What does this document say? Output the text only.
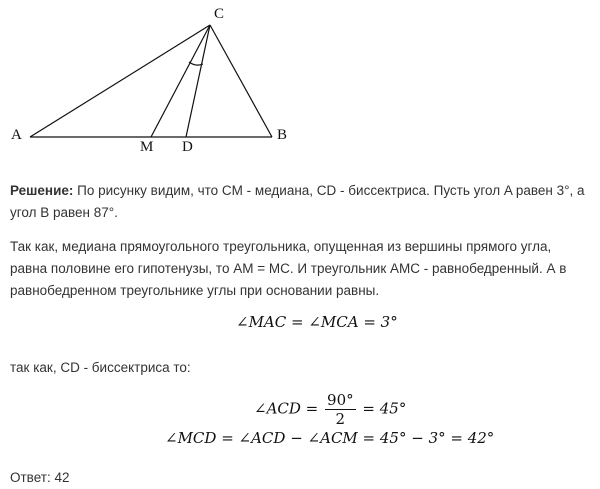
C
A	B
M D

Решение: По рисунку видим, что CM - медиана, CD - биссектриса. Пусть угол A равен 3°, а угол B равен 87°.

Так как, медиана прямоугольного треугольника, опущенная из вершины прямого угла, равна половине его гипотенузы, то AM = MC. И треугольник AMC - равнобедренный. А в равнобедренном треугольнике углы при основании равны.

∠MAC = ∠MCA = 3°

так как, CD - биссектриса то:

∠ACD = $\frac{90^\circ}{2} = 45^\circ$
∠MCD = ∠ACD − ∠ACM = 45° − 3° = 42°

Ответ: 42
